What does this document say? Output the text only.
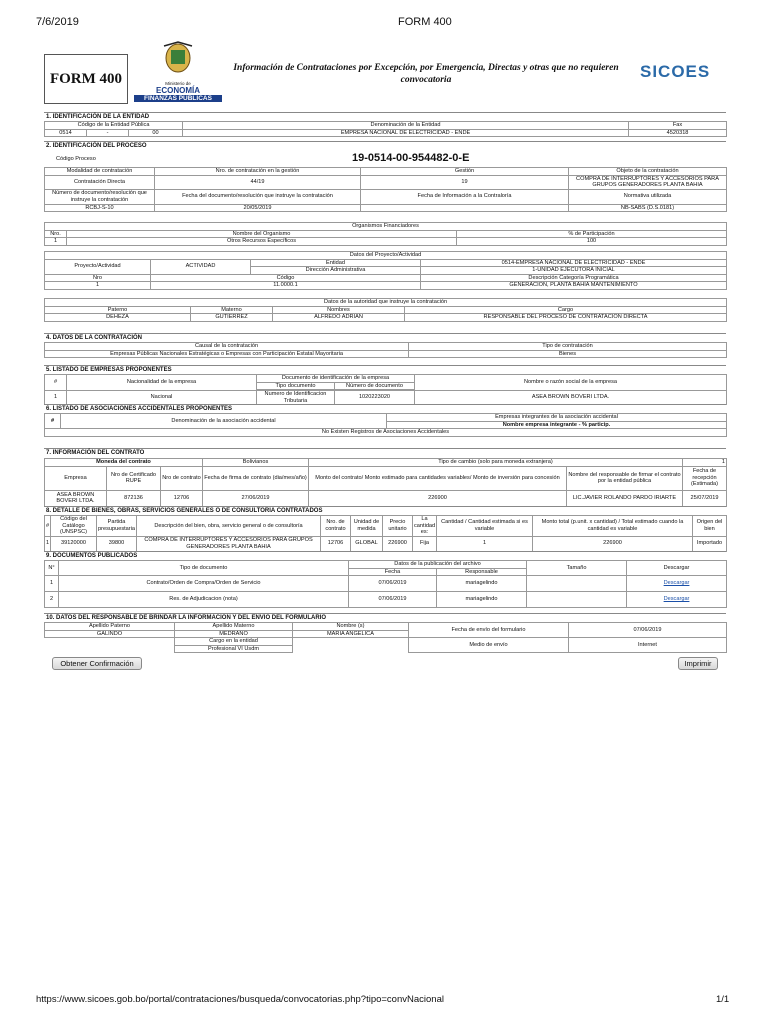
7/6/2019	FORM 400
FORM 400	Ministerio de
ECONOMÍA
FINANZAS PÚBLICAS
Información de Contrataciones por Excepción, por Emergencia, Directas y otras que no requieren convocatoria	SICOES
1. IDENTIFICACIÓN DE LA ENTIDAD
Código de la Entidad Pública			Denominación de la Entidad	Fax
0514	-	00	EMPRESA NACIONAL DE ELECTRICIDAD - ENDE	4520318
2. IDENTIFICACIÓN DEL PROCESO
Código Proceso	19-0514-00-954482-0-E
Modalidad de contratación	Nro. de contratación en la gestión	Gestión	Objeto de la contratación
Contratación Directa	44/19	19	COMPRA DE INTERRUPTORES Y ACCESORIOS PARA GRUPOS GENERADORES PLANTA BAHIA
Número de documento/resolución que instruye la contratación	Fecha del documento/resolución que instruye la contratación	Fecha de Información a la Contraloría	Normativa utilizada
RCBJ-S-10	20/05/2019		NB-SABS (D.S.0181)
Organismos Financiadores		
Nro.	Nombre del Organismo	% de Participación
1	Otros Recursos Específicos	100
Datos del Proyecto/Actividad			
Proyecto/Actividad	ACTIVIDAD	Entidad	0514-EMPRESA NACIONAL DE ELECTRICIDAD - ENDE
		Dirección Administrativa	1-UNIDAD EJECUTORA INICIAL
Nro	Código		Descripción Categoría Programática
1	11.0000.1		GENERACION, PLANTA BAHIA MANTENIMIENTO
Datos de la autoridad que instruye la contratación			
Paterno	Materno	Nombres	Cargo
DEHEZA	GUTIERREZ	ALFREDO ADRIAN	RESPONSABLE DEL PROCESO DE CONTRATACION DIRECTA
4. DATOS DE LA CONTRATACIÓN
Causal de la contratación	Tipo de contratación
Empresas Públicas Nacionales Estratégicas o Empresas con Participación Estatal Mayoritaria	Bienes
5. LISTADO DE EMPRESAS PROPONENTES
#	Nacionalidad de la empresa	Documento de identificación de la empresa		Nombre o razón social de la empresa
		Tipo documento	Número de documento	

1	Nacional	Numero de Identificacion Tributaria	1020223020	ASEA BROWN BOVERI LTDA.
6. LISTADO DE ASOCIACIONES ACCIDENTALES PROPONENTES
#	Denominación de la asociación accidental	Empresas integrantes de la asociación accidental
Nombre empresa integrante - % particip.
No Existen Registros de Asociaciones Accidentales
7. INFORMACIÓN DEL CONTRATO
Moneda del contrato			Bolivianos	Tipo de cambio (solo para moneda extranjera)		1
Empresa	Nro de Certificado RUPE	Nro de contrato	Fecha de firma de contrato (dia/mes/año)	Monto del contrato/ Monto estimado para cantidades variables/ Monto de inversión para concesión	Nombre del responsable de firmar el contrato por la entidad pública	Fecha de recepción (Estimada)
ASEA BROWN BOVERI LTDA.	872136	12706	27/06/2019	226900	LIC.JAVIER ROLANDO PARDO IRIARTE	25/07/2019
8. DETALLE DE BIENES, OBRAS, SERVICIOS GENERALES O DE CONSULTORIA CONTRATADOS
#	Código del Catálogo (UNSPSC)	Partida presupuestaria	Descripción del bien, obra, servicio general o de consultoría	Nro. de contrato	Unidad de medida	Precio unitario	La cantidad es:	Cantidad / Cantidad estimada si es variable	Monto total (p.unit. x cantidad) / Total estimado cuando la cantidad es variable	Origen del bien
1	39120000	39800	COMPRA DE INTERRUPTORES Y ACCESORIOS PARA GRUPOS GENERADORES PLANTA BAHIA	12706	GLOBAL	226900	Fija	1	226900	Importado
9. DOCUMENTOS PUBLICADOS
N°	Tipo de documento	Datos de la publicación del archivo		Tamaño	Descargar
		Fecha	Responsable		
1	Contrato/Orden de Compra/Orden de Servicio	07/06/2019	mariagelindo		Descargar
2	Res. de Adjudicacion (nota)	07/06/2019	mariagelindo		Descargar
10. DATOS DEL RESPONSABLE DE BRINDAR LA INFORMACION Y DEL ENVIO DEL FORMULARIO
Apellido Paterno	Apellido Materno	Nombre (s)	Fecha de envío del formulario	07/06/2019
GALINDO	MEDRANO	MARIA ANGELICA		
	Cargo en la entidad		Medio de envío	Internet
	Profesional VI Usdm			
Obtener Confirmación	Imprimir
https://www.sicoes.gob.bo/portal/contrataciones/busqueda/convocatorias.php?tipo=convNacional	1/1
